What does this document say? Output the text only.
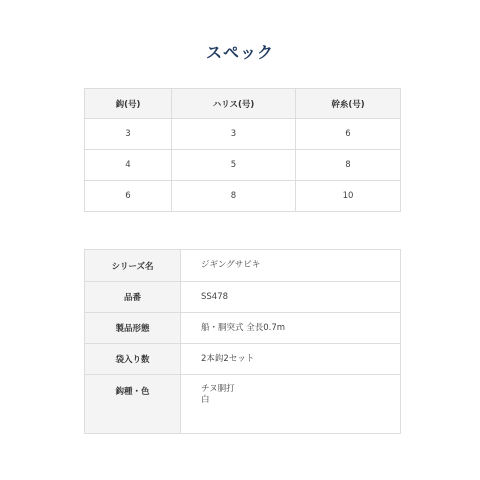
スペック
鈎(号)	ハリス(号)	幹糸(号)
3	3	6
4	5	8
6	8	10
シリーズ名	ジギングサビキ
品番	SS478
製品形態	船・胴突式 全長0.7m
袋入り数	2本鈎2セット
鈎種・色	チヌ胴打
白
